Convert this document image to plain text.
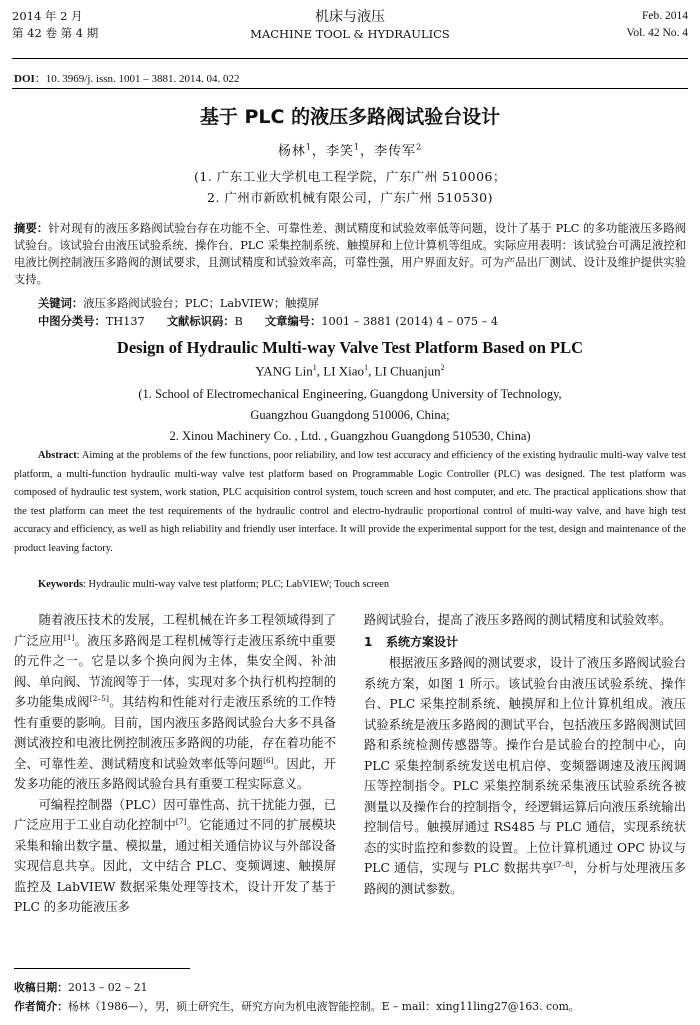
2014 年 2 月
第 42 卷 第 4 期
机床与液压
MACHINE TOOL & HYDRAULICS
Feb. 2014
Vol. 42 No. 4
DOI：10. 3969/j. issn. 1001 – 3881. 2014. 04. 022
基于 PLC 的液压多路阀试验台设计
杨林$^1$，李笑$^1$，李传军$^2$
(1. 广东工业大学机电工程学院，广东广州 510006；
2. 广州市新欧机械有限公司，广东广州 510530)
摘要：针对现有的液压多路阀试验台存在功能不全、可靠性差、测试精度和试验效率低等问题，设计了基于 PLC 的多功能液压多路阀试验台。该试验台由液压试验系统、操作台、PLC 采集控制系统、触摸屏和上位计算机等组成。实际应用表明：该试验台可满足液控和电液比例控制液压多路阀的测试要求，且测试精度和试验效率高，可靠性强，用户界面友好。可为产品出厂测试、设计及维护提供实验支持。
关键词：液压多路阀试验台；PLC；LabVIEW；触摸屏
中图分类号：TH137 文献标识码：B 文章编号：1001 – 3881 (2014) 4 – 075 – 4
Design of Hydraulic Multi-way Valve Test Platform Based on PLC
YANG Lin$^1$, LI Xiao$^1$, LI Chuanjun$^2$
(1. School of Electromechanical Engineering, Guangdong University of Technology,
Guangzhou Guangdong 510006, China;
2. Xinou Machinery Co. , Ltd. , Guangzhou Guangdong 510530, China)
Abstract: Aiming at the problems of the few functions, poor reliability, and low test accuracy and efficiency of the existing hydraulic multi-way valve test platform, a multi-function hydraulic multi-way valve test platform based on Programmable Logic Controller (PLC) was designed. The test platform was composed of hydraulic test system, work station, PLC acquisition control system, touch screen and host computer, and etc. The practical applications show that the test platform can meet the test requirements of the hydraulic control and electro-hydraulic proportional control of multi-way valve, and have high test accuracy and efficiency, as well as high reliability and friendly user interface. It will provide the experimental support for the test, design and maintenance of the product leaving factory.
Keywords: Hydraulic multi-way valve test platform; PLC; LabVIEW; Touch screen

随着液压技术的发展，工程机械在许多工程领域得到了广泛应用[1]。液压多路阀是工程机械等行走液压系统中重要的元件之一。它是以多个换向阀为主体，集安全阀、补油阀、单向阀、节流阀等于一体，实现对多个执行机构控制的多功能集成阀[2–5]。其结构和性能对行走液压系统的工作特性有重要的影响。目前，国内液压多路阀试验台大多不具备测试液控和电液比例控制液压多路阀的功能，存在着功能不全、可靠性差、测试精度和试验效率低等问题[6]。因此，开发多功能的液压多路阀试验台具有重要工程实际意义。

可编程控制器（PLC）因可靠性高、抗干扰能力强，已广泛应用于工业自动化控制中[7]。它能通过不同的扩展模块采集和输出数字量、模拟量，通过相关通信协议与外部设备实现信息共享。因此，文中结合 PLC、变频调速、触摸屏监控及 LabVIEW 数据采集处理等技术，设计开发了基于 PLC 的多功能液压多

路阀试验台，提高了液压多路阀的测试精度和试验效率。

1 系统方案设计

根据液压多路阀的测试要求，设计了液压多路阀试验台系统方案，如图 1 所示。该试验台由液压试验系统、操作台、PLC 采集控制系统、触摸屏和上位计算机组成。液压试验系统是液压多路阀的测试平台，包括液压多路阀测试回路和系统检测传感器等。操作台是试验台的控制中心，向 PLC 采集控制系统发送电机启停、变频器调速及液压阀调压等控制指令。PLC 采集控制系统采集液压试验系统各被测量以及操作台的控制指令，经逻辑运算后向液压系统输出控制信号。触摸屏通过 RS485 与 PLC 通信，实现系统状态的实时监控和参数的设置。上位计算机通过 OPC 协议与 PLC 通信，实现与 PLC 数据共享[7–8]，分析与处理液压多路阀的测试参数。

收稿日期：2013 – 02 – 21
作者简介：杨林（1986—），男，硕士研究生，研究方向为机电液智能控制。E – mail：xing11ling27@163. com。
